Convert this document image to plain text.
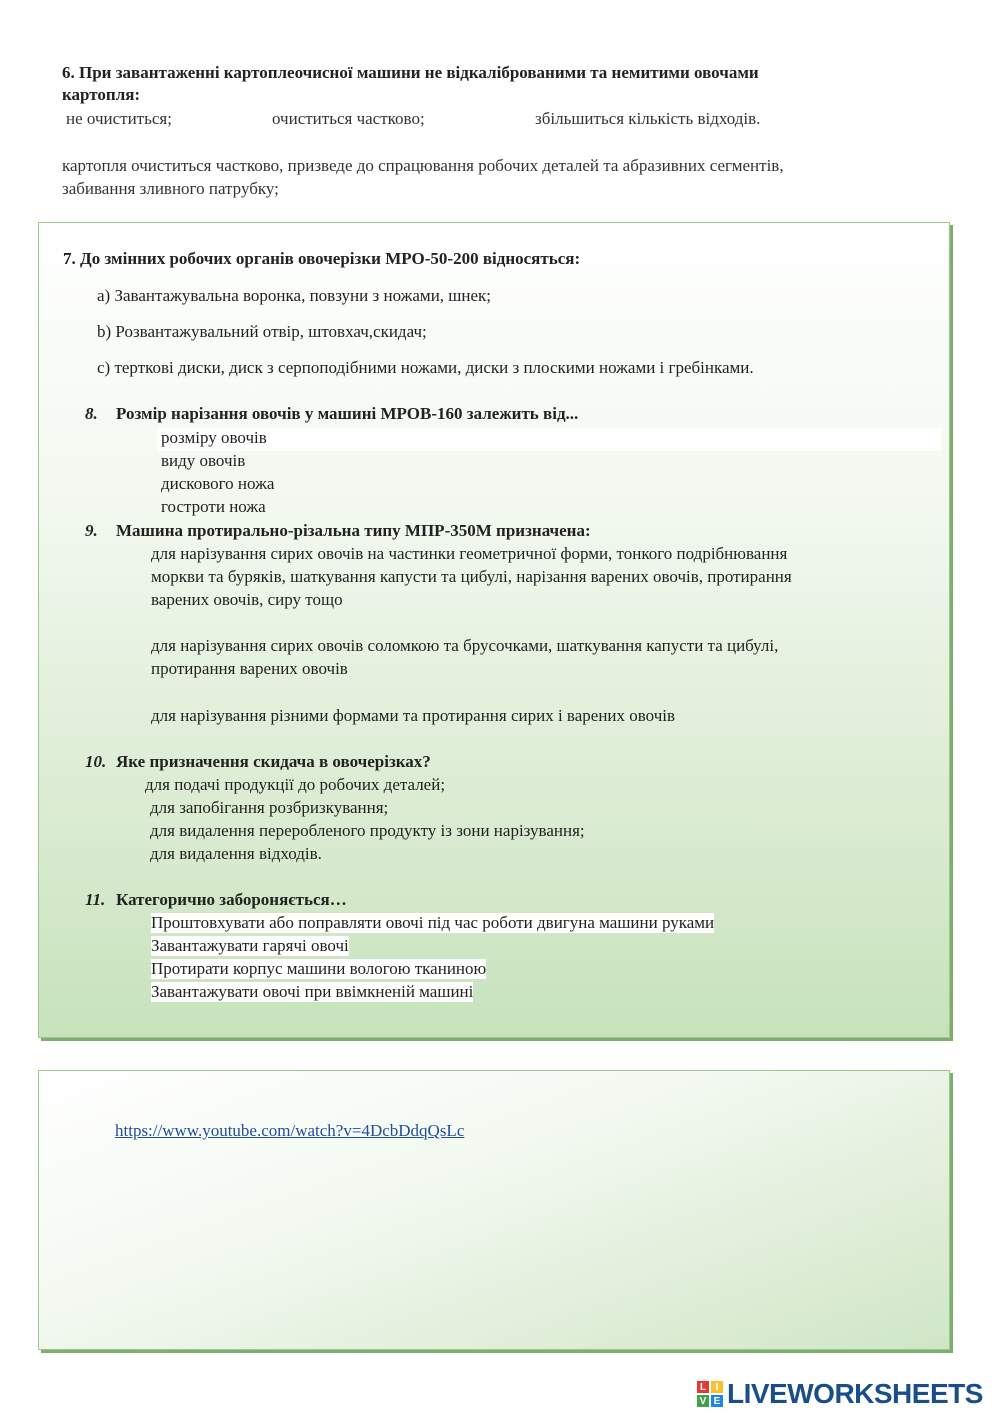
6. При завантаженні картоплеочисної машини не відкаліброваними та немитими овочами
картопля:
не очиститься;	очиститься частково;	збільшиться кількість відходів.
картопля очиститься частково, призведе до спрацювання робочих деталей та абразивних сегментів,
забивання зливного патрубку;
7. До змінних робочих органів овочерізки МРО-50-200 відносяться:
a) Завантажувальна воронка, повзуни з ножами, шнек;
b) Розвантажувальний отвір, штовхач,скидач;
c) терткові диски, диск з серпоподібними ножами, диски з плоскими ножами і гребінками.
8. Розмір нарізання овочів у машині МРОВ-160 залежить від...
розміру овочів
виду овочів
дискового ножа
гостроти ножа
9. Машина протирально-різальна типу МПР-350М призначена:
для нарізування сирих овочів на частинки геометричної форми, тонкого подрібнювання
моркви та буряків, шаткування капусти та цибулі, нарізання варених овочів, протирання
варених овочів, сиру тощо
для нарізування сирих овочів соломкою та брусочками, шаткування капусти та цибулі,
протирання варених овочів
для нарізування різними формами та протирання сирих і варених овочів
10. Яке призначення скидача в овочерізках?
для подачі продукції до робочих деталей;
для запобігання розбризкування;
для видалення переробленого продукту із зони нарізування;
для видалення відходів.
11. Категорично забороняється…
Проштовхувати або поправляти овочі під час роботи двигуна машини руками
Завантажувати гарячі овочі
Протирати корпус машини вологою тканиною
Завантажувати овочі при ввімкненій машині
https://www.youtube.com/watch?v=4DcbDdqQsLc
L I
V E LIVEWORKSHEETS
